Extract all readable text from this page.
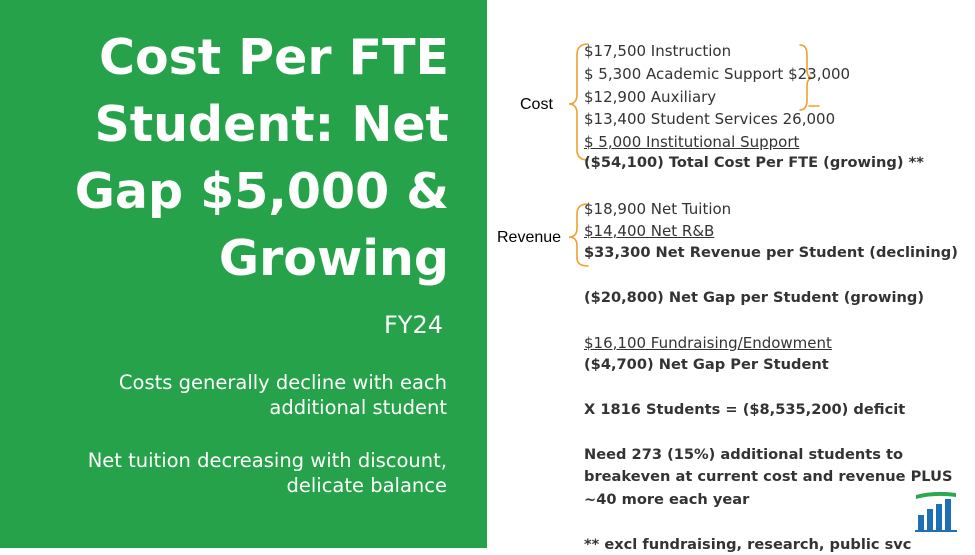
Cost Per FTE Student: Net Gap $5,000 & Growing
FY24
Costs generally decline with each additional student
Net tuition decreasing with discount, delicate balance
Cost
Revenue
$17,500 Instruction
$ 5,300 Academic Support $23,000
$12,900 Auxiliary
$13,400 Student Services 26,000
$ 5,000 Institutional Support
($54,100) Total Cost Per FTE (growing) **
$18,900 Net Tuition
$14,400 Net R&B
$33,300 Net Revenue per Student (declining)
($20,800) Net Gap per Student (growing)
$16,100 Fundraising/Endowment
($4,700) Net Gap Per Student
X 1816 Students = ($8,535,200) deficit
Need 273 (15%) additional students to
breakeven at current cost and revenue PLUS
~40 more each year
** excl fundraising, research, public svc
